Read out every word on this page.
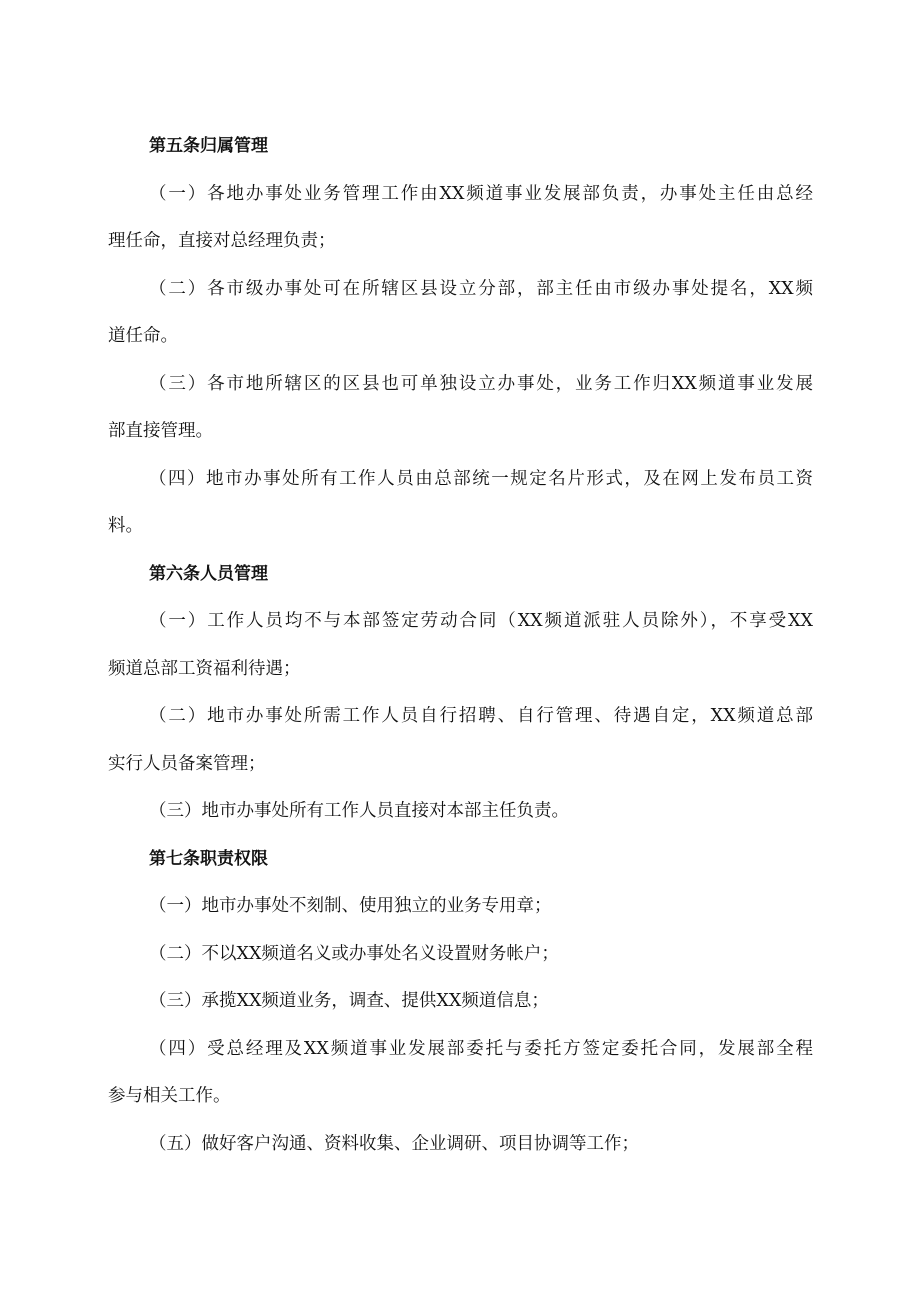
第五条归属管理
（一）各地办事处业务管理工作由XX频道事业发展部负责，办事处主任由总经
理任命，直接对总经理负责；
（二）各市级办事处可在所辖区县设立分部，部主任由市级办事处提名，XX频
道任命。
（三）各市地所辖区的区县也可单独设立办事处，业务工作归XX频道事业发展
部直接管理。
（四）地市办事处所有工作人员由总部统一规定名片形式，及在网上发布员工资
料。
第六条人员管理
（一）工作人员均不与本部签定劳动合同（XX频道派驻人员除外），不享受XX
频道总部工资福利待遇；
（二）地市办事处所需工作人员自行招聘、自行管理、待遇自定，XX频道总部
实行人员备案管理；
（三）地市办事处所有工作人员直接对本部主任负责。
第七条职责权限
（一）地市办事处不刻制、使用独立的业务专用章；
（二）不以XX频道名义或办事处名义设置财务帐户；
（三）承揽XX频道业务，调查、提供XX频道信息；
（四）受总经理及XX频道事业发展部委托与委托方签定委托合同，发展部全程
参与相关工作。
（五）做好客户沟通、资料收集、企业调研、项目协调等工作；
